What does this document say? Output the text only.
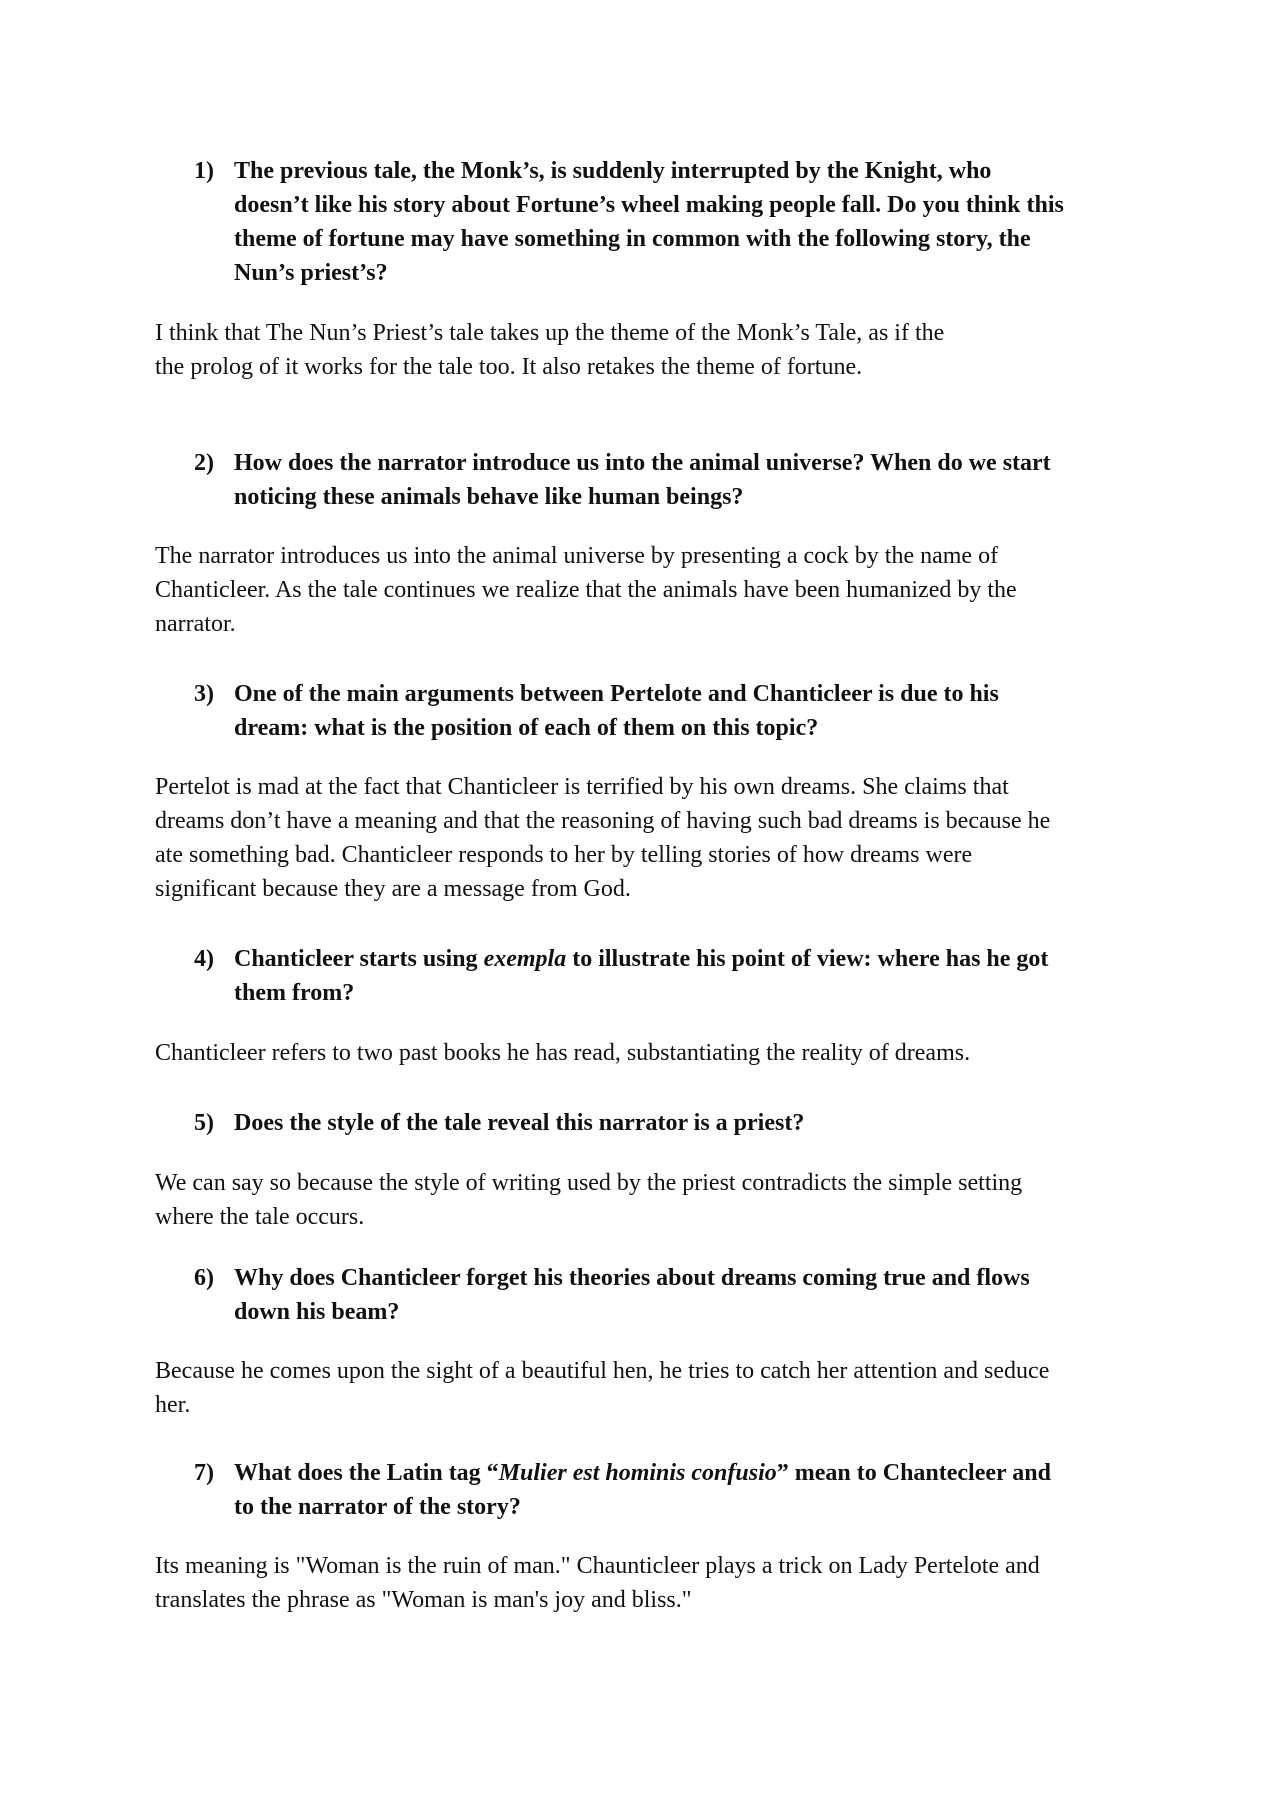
1) The previous tale, the Monk’s, is suddenly interrupted by the Knight, who
doesn’t like his story about Fortune’s wheel making people fall. Do you think this
theme of fortune may have something in common with the following story, the
Nun’s priest’s?
I think that The Nun’s Priest’s tale takes up the theme of the Monk’s Tale, as if the
the prolog of it works for the tale too. It also retakes the theme of fortune.
2) How does the narrator introduce us into the animal universe? When do we start
noticing these animals behave like human beings?
The narrator introduces us into the animal universe by presenting a cock by the name of
Chanticleer. As the tale continues we realize that the animals have been humanized by the
narrator.
3) One of the main arguments between Pertelote and Chanticleer is due to his
dream: what is the position of each of them on this topic?
Pertelot is mad at the fact that Chanticleer is terrified by his own dreams. She claims that
dreams don’t have a meaning and that the reasoning of having such bad dreams is because he
ate something bad. Chanticleer responds to her by telling stories of how dreams were
significant because they are a message from God.
4) Chanticleer starts using exempla to illustrate his point of view: where has he got
them from?
Chanticleer refers to two past books he has read, substantiating the reality of dreams.
5) Does the style of the tale reveal this narrator is a priest?
We can say so because the style of writing used by the priest contradicts the simple setting
where the tale occurs.
6) Why does Chanticleer forget his theories about dreams coming true and flows
down his beam?
Because he comes upon the sight of a beautiful hen, he tries to catch her attention and seduce
her.
7) What does the Latin tag “Mulier est hominis confusio” mean to Chantecleer and
to the narrator of the story?
Its meaning is "Woman is the ruin of man." Chaunticleer plays a trick on Lady Pertelote and
translates the phrase as "Woman is man's joy and bliss."
